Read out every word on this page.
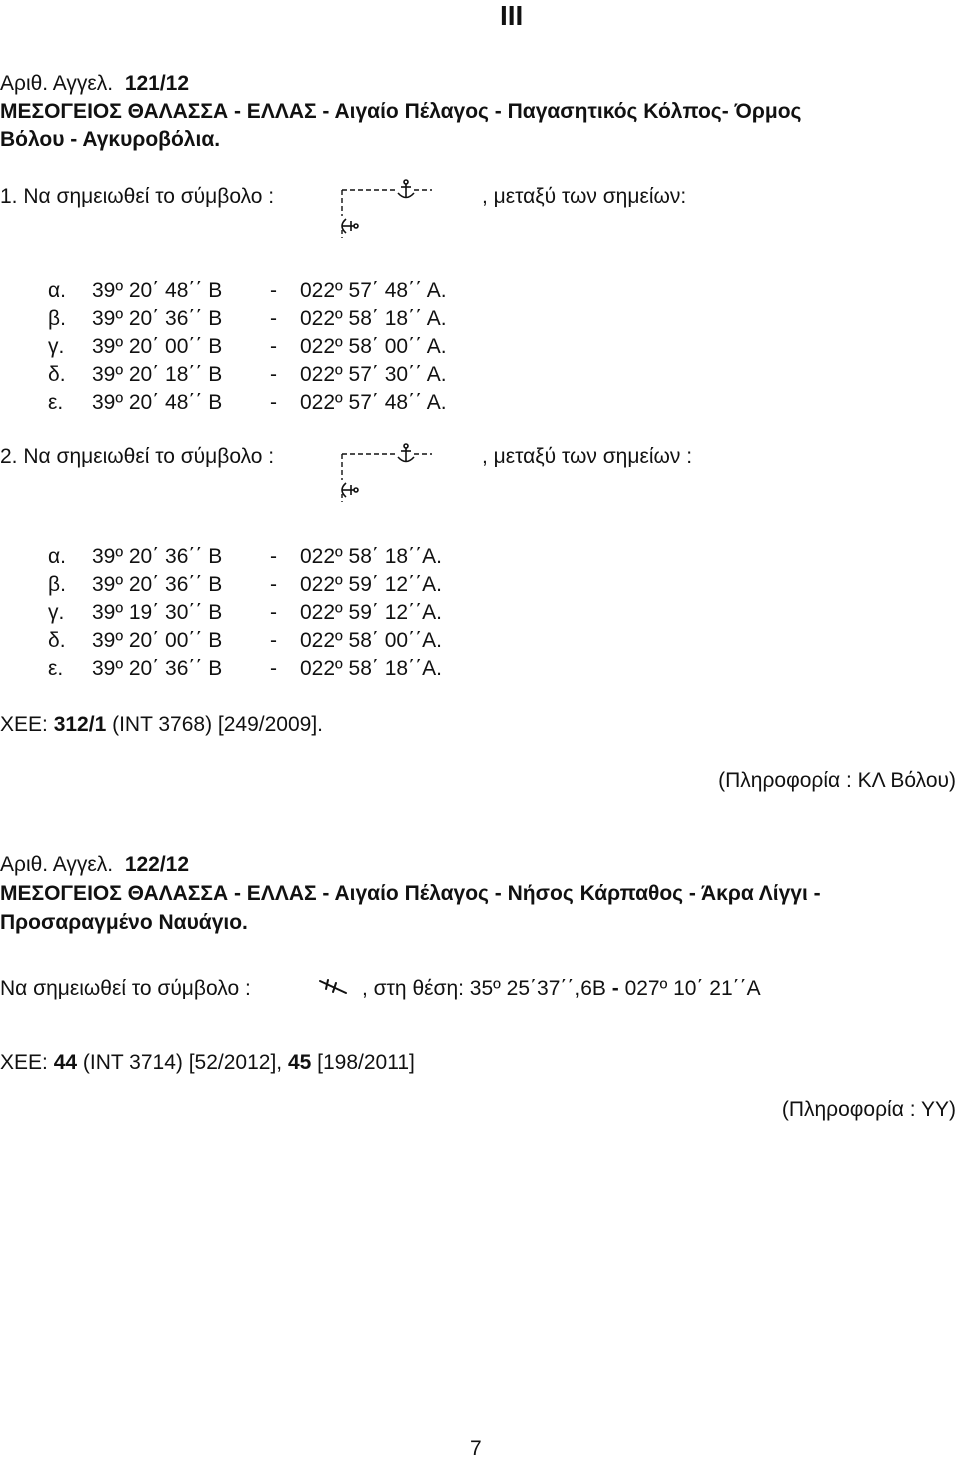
III
Αριθ. Αγγελ. 121/12
ΜΕΣΟΓΕΙΟΣ ΘΑΛΑΣΣΑ - ΕΛΛΑΣ - Αιγαίο Πέλαγος - Παγασητικός Κόλπος- Όρμος
Βόλου - Αγκυροβόλια.
1. Να σημειωθεί το σύμβολο :	, μεταξύ των σημείων:
α. 39º 20΄ 48΄΄ Β - 022º 57΄ 48΄΄ Α.
β. 39º 20΄ 36΄΄ Β - 022º 58΄ 18΄΄ Α.
γ. 39º 20΄ 00΄΄ Β - 022º 58΄ 00΄΄ Α.
δ. 39º 20΄ 18΄΄ Β - 022º 57΄ 30΄΄ Α.
ε. 39º 20΄ 48΄΄ Β - 022º 57΄ 48΄΄ Α.
2. Να σημειωθεί το σύμβολο :	, μεταξύ των σημείων :
α. 39º 20΄ 36΄΄ Β - 022º 58΄ 18΄΄Α.
β. 39º 20΄ 36΄΄ Β - 022º 59΄ 12΄΄Α.
γ. 39º 19΄ 30΄΄ Β - 022º 59΄ 12΄΄Α.
δ. 39º 20΄ 00΄΄ Β - 022º 58΄ 00΄΄Α.
ε. 39º 20΄ 36΄΄ Β - 022º 58΄ 18΄΄Α.
ΧΕΕ: 312/1 (INT 3768) [249/2009].
(Πληροφορία : ΚΛ Βόλου)
Αριθ. Αγγελ. 122/12
ΜΕΣΟΓΕΙΟΣ ΘΑΛΑΣΣΑ - ΕΛΛΑΣ - Αιγαίο Πέλαγος - Νήσος Κάρπαθος - Άκρα Λίγγι -
Προσαραγμένο Ναυάγιο.
Να σημειωθεί το σύμβολο :	, στη θέση: 35º 25΄37΄΄,6Β - 027º 10΄ 21΄΄Α
ΧΕΕ: 44 (INT 3714) [52/2012], 45 [198/2011]
(Πληροφορία : ΥΥ)
7
